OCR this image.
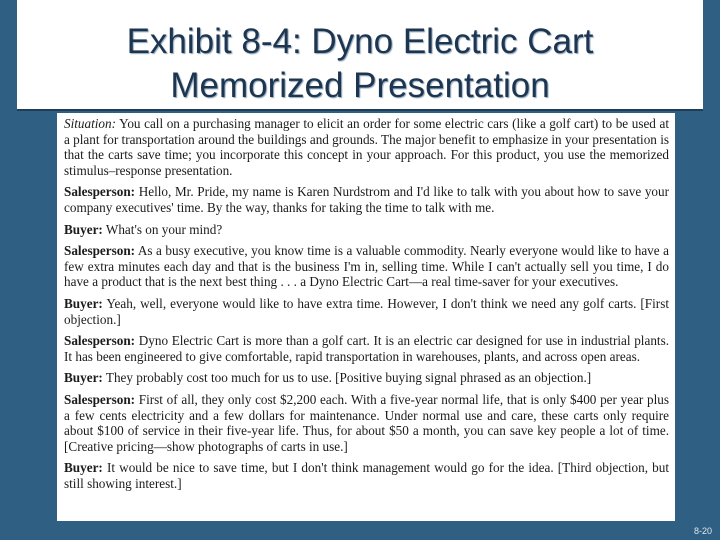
Exhibit 8-4: Dyno Electric Cart
Memorized Presentation

Situation: You call on a purchasing manager to elicit an order for some electric cars (like a golf cart) to be used at a plant for transportation around the buildings and grounds. The major benefit to emphasize in your presentation is that the carts save time; you incorporate this concept in your approach. For this product, you use the memorized stimulus–response presentation.

Salesperson: Hello, Mr. Pride, my name is Karen Nurdstrom and I'd like to talk with you about how to save your company executives' time. By the way, thanks for taking the time to talk with me.

Buyer: What's on your mind?

Salesperson: As a busy executive, you know time is a valuable commodity. Nearly everyone would like to have a few extra minutes each day and that is the business I'm in, selling time. While I can't actually sell you time, I do have a product that is the next best thing . . . a Dyno Electric Cart—a real time-saver for your executives.

Buyer: Yeah, well, everyone would like to have extra time. However, I don't think we need any golf carts. [First objection.]

Salesperson: Dyno Electric Cart is more than a golf cart. It is an electric car designed for use in industrial plants. It has been engineered to give comfortable, rapid transportation in warehouses, plants, and across open areas.

Buyer: They probably cost too much for us to use. [Positive buying signal phrased as an objection.]

Salesperson: First of all, they only cost $2,200 each. With a five-year normal life, that is only $400 per year plus a few cents electricity and a few dollars for maintenance. Under normal use and care, these carts only require about $100 of service in their five-year life. Thus, for about $50 a month, you can save key people a lot of time. [Creative pricing—show photographs of carts in use.]

Buyer: It would be nice to save time, but I don't think management would go for the idea. [Third objection, but still showing interest.]

8-20
